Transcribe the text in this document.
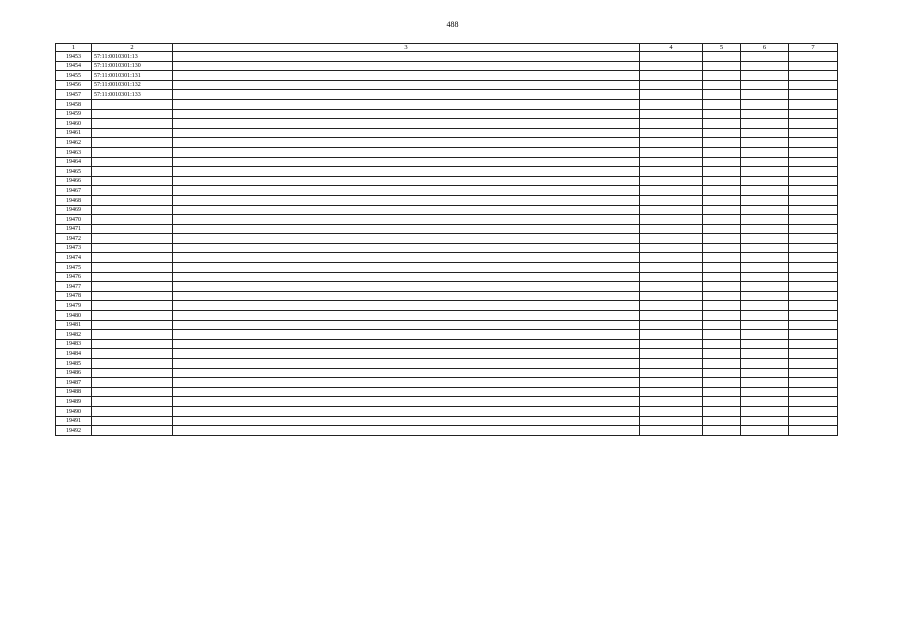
488
1	2	3	4	5	6	7
19453	57:11:0010301:13					
19454	57:11:0010301:130					
19455	57:11:0010301:131					
19456	57:11:0010301:132					
19457	57:11:0010301:133					
19458						
19459						
19460						
19461						
19462						
19463						
19464						
19465						
19466						
19467						
19468						
19469						
19470						
19471						
19472						
19473						
19474						
19475						
19476						
19477						
19478						
19479						
19480						
19481						
19482						
19483						
19484						
19485						
19486						
19487						
19488						
19489						
19490						
19491						
19492						
